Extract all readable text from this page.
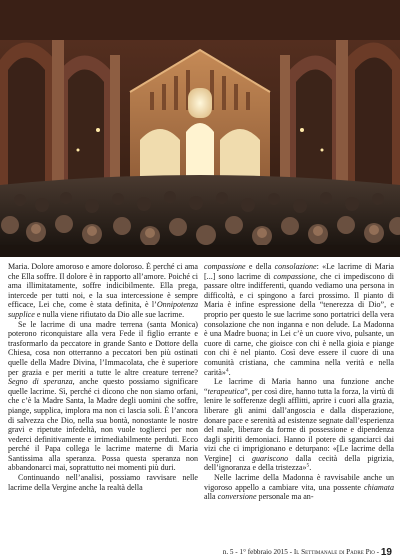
Maria. Dolore amoroso e amore doloroso. È perché ci ama che Ella soffre. Il dolore è in rapporto all’amore. Poiché ci ama illimitatamente, soffre indicibilmente. Ella prega, intercede per tutti noi, e la sua intercessione è sempre efficace, Lei che, come è stata definita, è l’Onnipotenza supplice e nulla viene rifiutato da Dio alle sue lacrime.

Se le lacrime di una madre terrena (santa Monica) poterono riconquistare alla vera Fede il figlio errante e trasformarlo da peccatore in grande Santo e Dottore della Chiesa, cosa non otterranno a peccatori ben più ostinati quelle della Madre Divina, l’Immacolata, che è superiore per grazia e per meriti a tutte le altre creature terrene? Segno di speranza, anche questo possiamo significare quelle lacrime. Sì, perché ci dicono che non siamo orfani, che c’è la Madre Santa, la Madre degli uomini che soffre, piange, supplica, implora ma non ci lascia soli. È l’ancora di salvezza che Dio, nella sua bontà, nonostante le nostre gravi e ripetute infedeltà, non vuole toglierci per non vederci definitivamente e irrimediabilmente perduti. Ecco perché il Papa collega le lacrime materne di Maria Santissima alla speranza. Possa questa speranza non abbandonarci mai, soprattutto nei momenti più duri.

Continuando nell’analisi, possiamo ravvisare nelle lacrime della Vergine anche la realtà della

compassione e della consolazione: «Le lacrime di Maria [...] sono lacrime di compassione, che ci impediscono di passare oltre indifferenti, quando vediamo una persona in difficoltà, e ci spingono a farci prossimo. Il pianto di Maria è infine espressione della “tenerezza di Dio”, e proprio per questo le sue lacrime sono portatrici della vera consolazione che non inganna e non delude. La Madonna è una Madre buona; in Lei c’è un cuore vivo, pulsante, un cuore di carne, che gioisce con chi è nella gioia e piange con chi è nel pianto. Così deve essere il cuore di una comunità cristiana, che cammina nella verità e nella carità»$^4$.

Le lacrime di Maria hanno una funzione anche “terapeutica”, per così dire, hanno tutta la forza, la virtù di lenire le sofferenze degli afflitti, aprire i cuori alla grazia, liberare gli animi dall’angoscia e dalla disperazione, donare pace e serenità ad esistenze segnate dall’esperienza del male, liberare da forme di possessione e dipendenza dagli spiriti demoniaci. Hanno il potere di sganciarci dai vizi che ci imprigionano e deturpano: «[Le lacrime della Vergine] ci guariscono dalla cecità della pigrizia, dell’ignoranza e della tristezza»$^5$.

Nelle lacrime della Madonna è ravvisabile anche un vigoroso appello a cambiare vita, una possente chiamata alla conversione personale ma an-

n. 5 - 1° febbraio 2015 - Il Settimanale di Padre Pio - 19
